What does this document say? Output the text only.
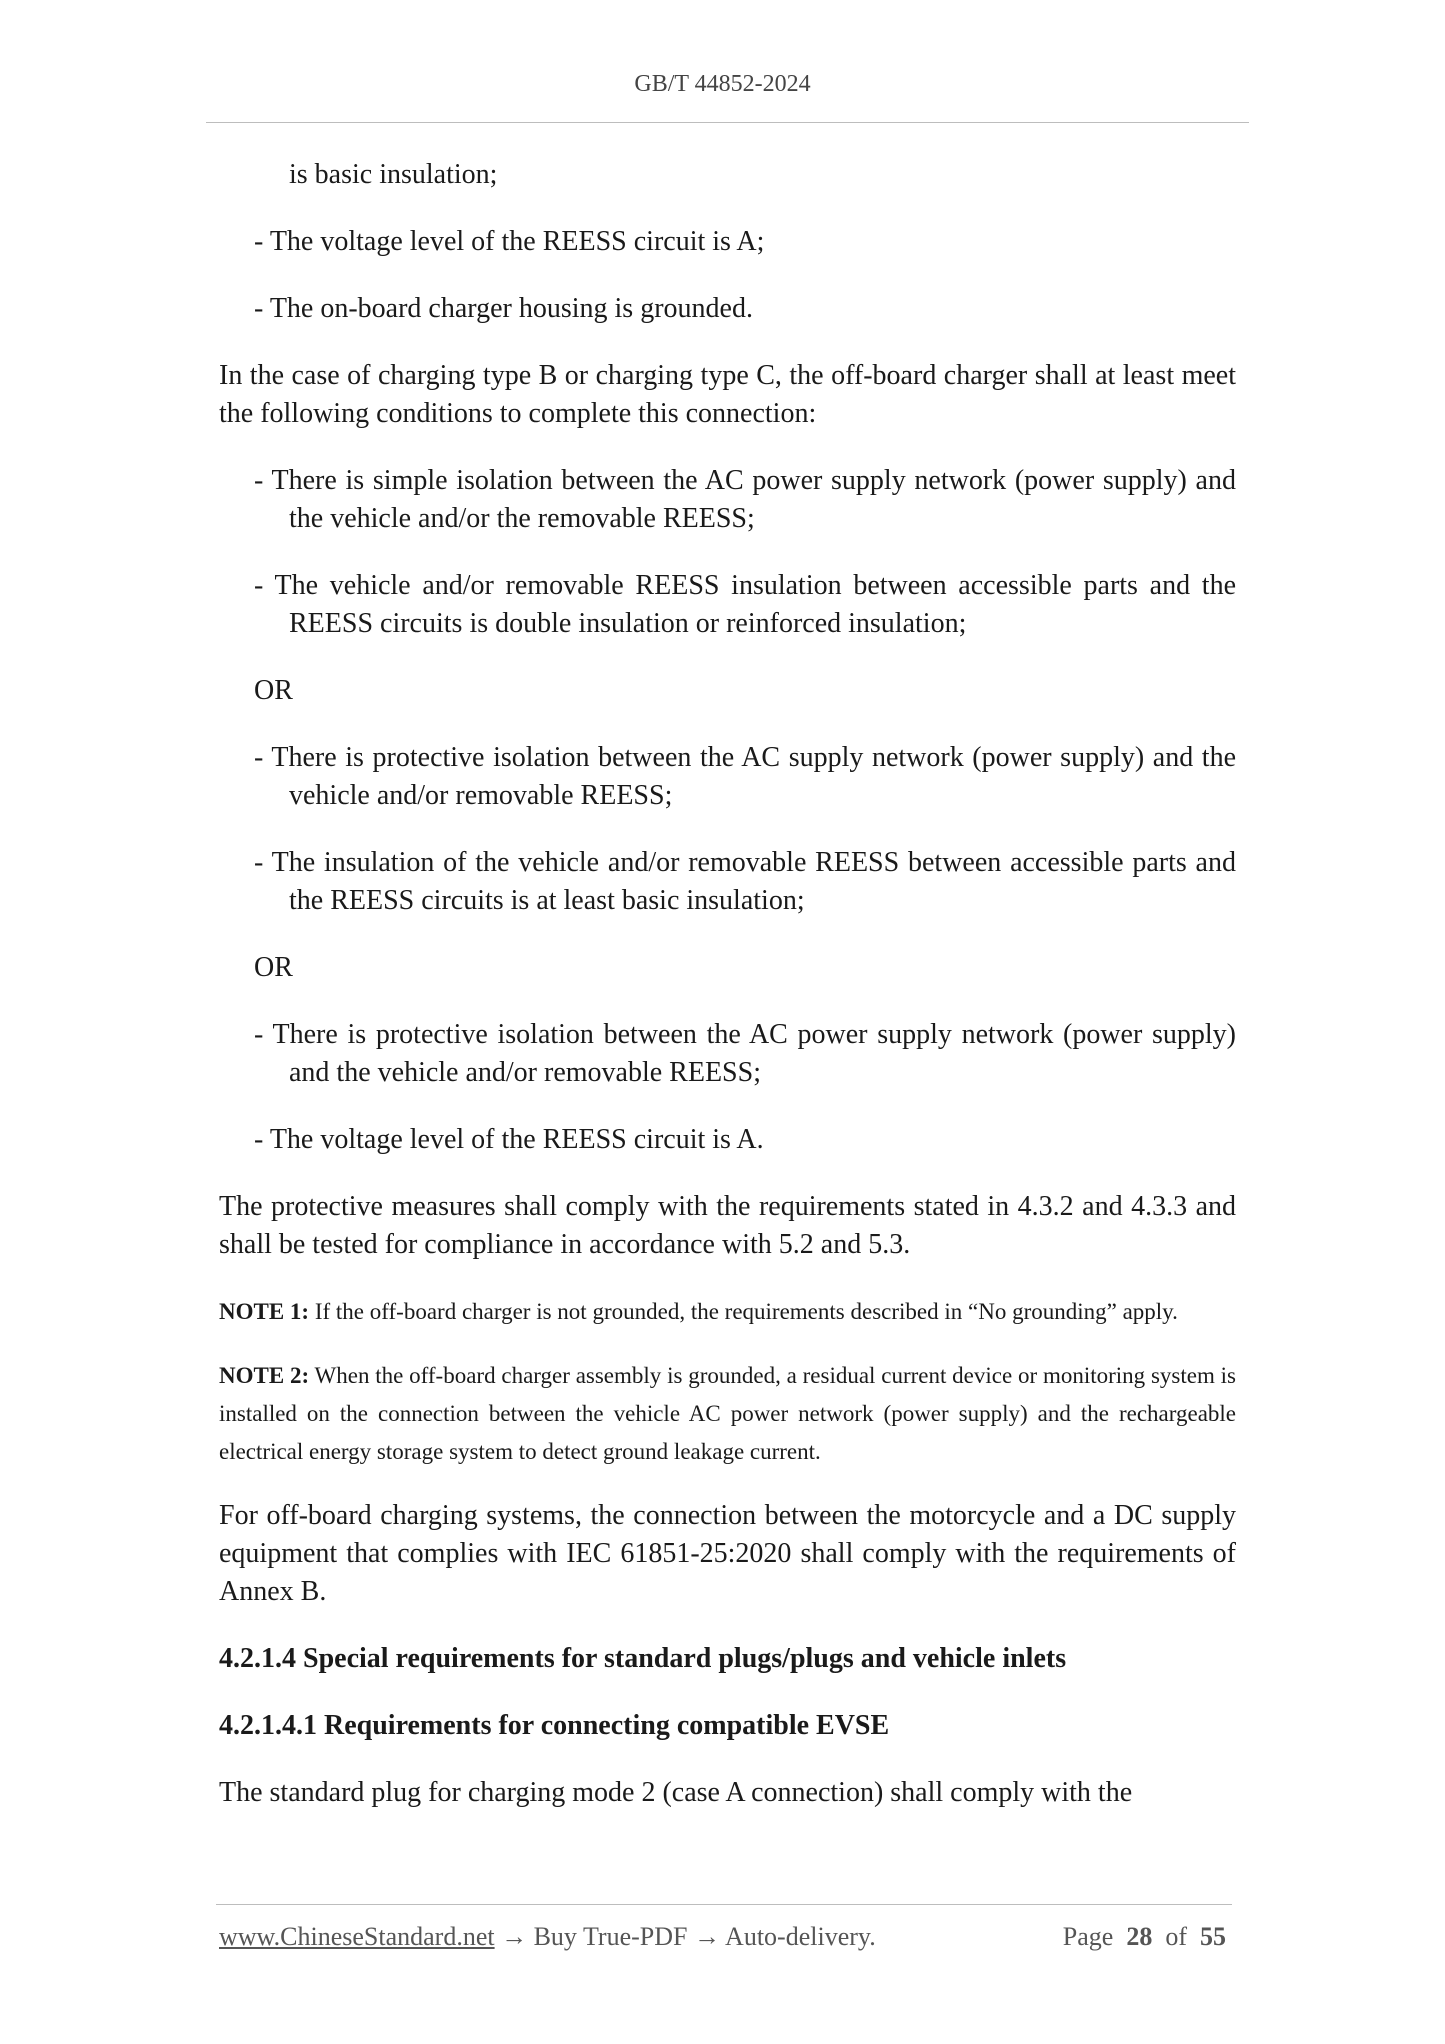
GB/T 44852-2024
is basic insulation;
- The voltage level of the REESS circuit is A;
- The on-board charger housing is grounded.
In the case of charging type B or charging type C, the off-board charger shall at least meet the following conditions to complete this connection:
- There is simple isolation between the AC power supply network (power supply) and the vehicle and/or the removable REESS;
- The vehicle and/or removable REESS insulation between accessible parts and the REESS circuits is double insulation or reinforced insulation;
OR
- There is protective isolation between the AC supply network (power supply) and the vehicle and/or removable REESS;
- The insulation of the vehicle and/or removable REESS between accessible parts and the REESS circuits is at least basic insulation;
OR
- There is protective isolation between the AC power supply network (power supply) and the vehicle and/or removable REESS;
- The voltage level of the REESS circuit is A.
The protective measures shall comply with the requirements stated in 4.3.2 and 4.3.3 and shall be tested for compliance in accordance with 5.2 and 5.3.
NOTE 1: If the off-board charger is not grounded, the requirements described in “No grounding” apply.
NOTE 2: When the off-board charger assembly is grounded, a residual current device or monitoring system is installed on the connection between the vehicle AC power network (power supply) and the rechargeable electrical energy storage system to detect ground leakage current.
For off-board charging systems, the connection between the motorcycle and a DC supply equipment that complies with IEC 61851-25:2020 shall comply with the requirements of Annex B.
4.2.1.4 Special requirements for standard plugs/plugs and vehicle inlets
4.2.1.4.1 Requirements for connecting compatible EVSE
The standard plug for charging mode 2 (case A connection) shall comply with the
www.ChineseStandard.net → Buy True-PDF → Auto-delivery.	Page 28 of 55
